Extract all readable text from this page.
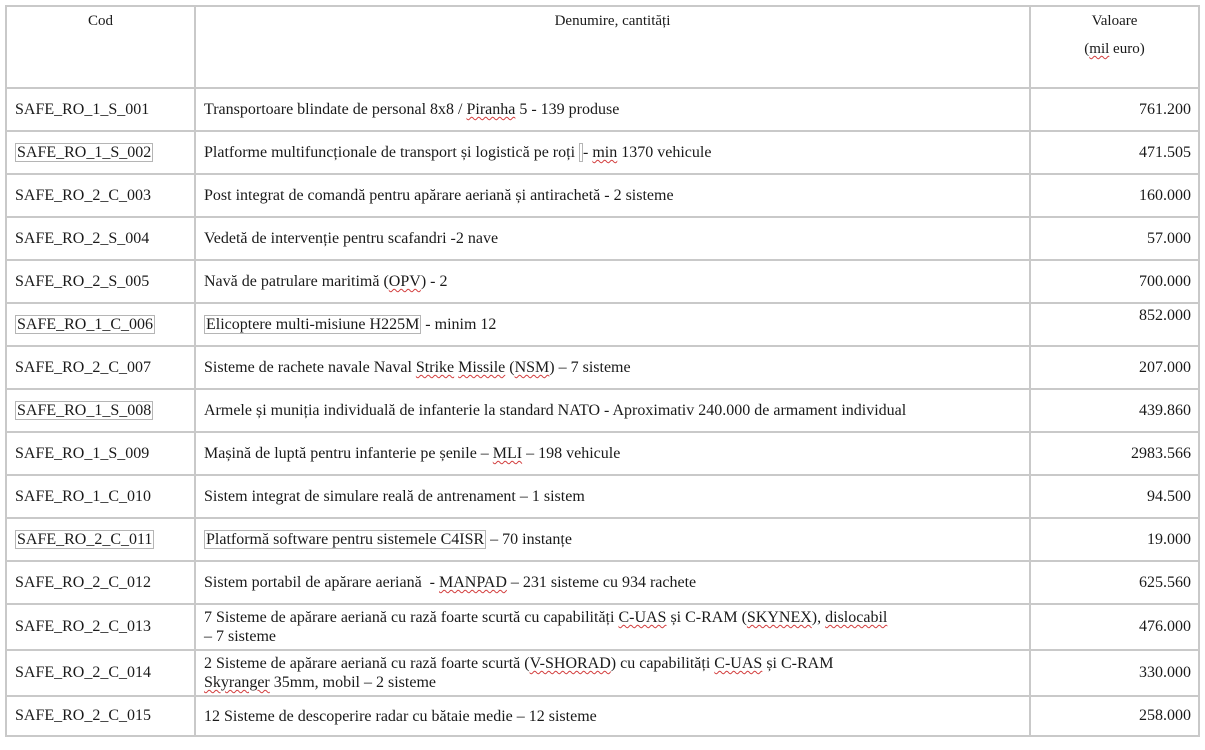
Cod	Denumire, cantități	Valoare
(mil euro)
SAFE_RO_1_S_001	Transportoare blindate de personal 8x8 / Piranha 5 - 139 produse	761.200
SAFE_RO_1_S_002	Platforme multifuncționale de transport și logistică pe roți - min 1370 vehicule	471.505
SAFE_RO_2_C_003	Post integrat de comandă pentru apărare aeriană și antirachetă - 2 sisteme	160.000
SAFE_RO_2_S_004	Vedetă de intervenție pentru scafandri -2 nave	57.000
SAFE_RO_2_S_005	Navă de patrulare maritimă (OPV) - 2	700.000
SAFE_RO_1_C_006	Elicoptere multi-misiune H225M - minim 12	852.000
SAFE_RO_2_C_007	Sisteme de rachete navale Naval Strike Missile (NSM) – 7 sisteme	207.000
SAFE_RO_1_S_008	Armele și muniția individuală de infanterie la standard NATO - Aproximativ 240.000 de armament individual	439.860
SAFE_RO_1_S_009	Mașină de luptă pentru infanterie pe șenile – MLI – 198 vehicule	2983.566
SAFE_RO_1_C_010	Sistem integrat de simulare reală de antrenament – 1 sistem	94.500
SAFE_RO_2_C_011	Platformă software pentru sistemele C4ISR – 70 instanțe	19.000
SAFE_RO_2_C_012	Sistem portabil de apărare aeriană  - MANPAD – 231 sisteme cu 934 rachete	625.560
SAFE_RO_2_C_013	7 Sisteme de apărare aeriană cu rază foarte scurtă cu capabilități C-UAS și C-RAM (SKYNEX), dislocabil
– 7 sisteme	476.000
SAFE_RO_2_C_014	2 Sisteme de apărare aeriană cu rază foarte scurtă (V-SHORAD) cu capabilități C-UAS și C-RAM
Skyranger 35mm, mobil – 2 sisteme	330.000
SAFE_RO_2_C_015	12 Sisteme de descoperire radar cu bătaie medie – 12 sisteme	258.000
